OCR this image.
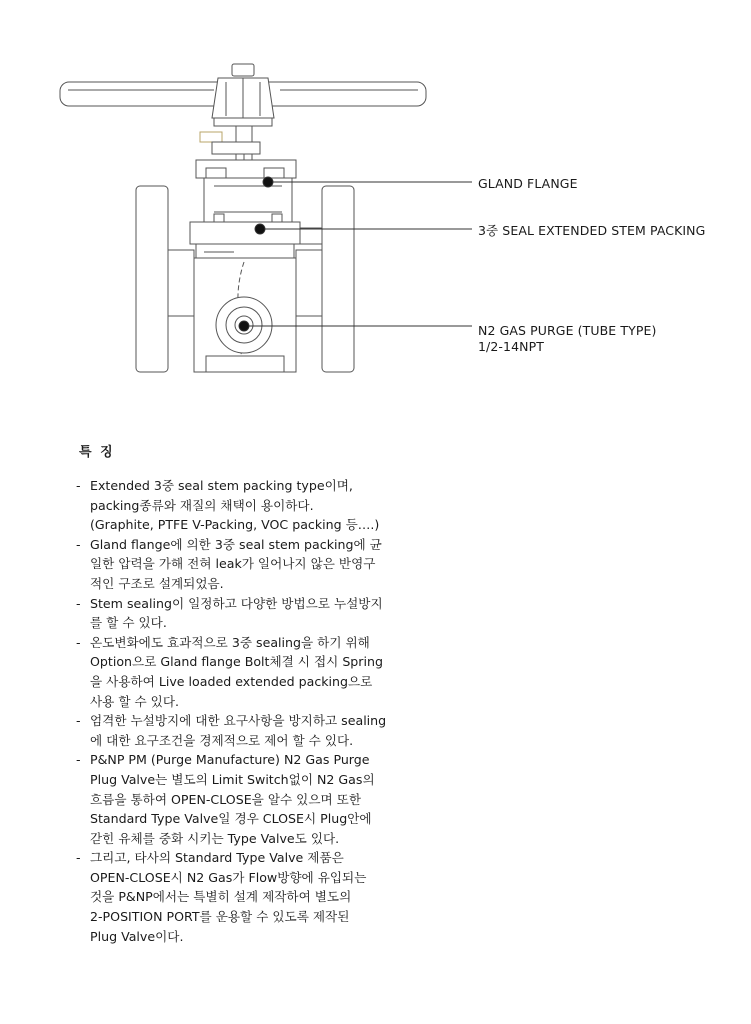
GLAND FLANGE
3중 SEAL EXTENDED STEM PACKING
N2 GAS PURGE (TUBE TYPE)
1/2-14NPT
특 징
- Extended 3중 seal stem packing type이며,
packing종류와 재질의 채택이 용이하다.
(Graphite, PTFE V-Packing, VOC packing 등….)
- Gland flange에 의한 3중 seal stem packing에 균
일한 압력을 가해 전혀 leak가 일어나지 않은 반영구
적인 구조로 설계되었음.
- Stem sealing이 일정하고 다양한 방법으로 누설방지
를 할 수 있다.
- 온도변화에도 효과적으로 3중 sealing을 하기 위해
Option으로 Gland flange Bolt체결 시 접시 Spring
을 사용하여 Live loaded extended packing으로
사용 할 수 있다.
- 엄격한 누설방지에 대한 요구사항을 방지하고 sealing
에 대한 요구조건을 경제적으로 제어 할 수 있다.
- P&NP PM (Purge Manufacture) N2 Gas Purge
Plug Valve는 별도의 Limit Switch없이 N2 Gas의
흐름을 통하여 OPEN-CLOSE을 알수 있으며 또한
Standard Type Valve일 경우 CLOSE시 Plug안에
갇힌 유체를 중화 시키는 Type Valve도 있다.
- 그리고, 타사의 Standard Type Valve 제품은
OPEN-CLOSE시 N2 Gas가 Flow방향에 유입되는
것을 P&NP에서는 특별히 설계 제작하여 별도의
2-POSITION PORT를 운용할 수 있도록 제작된
Plug Valve이다.
